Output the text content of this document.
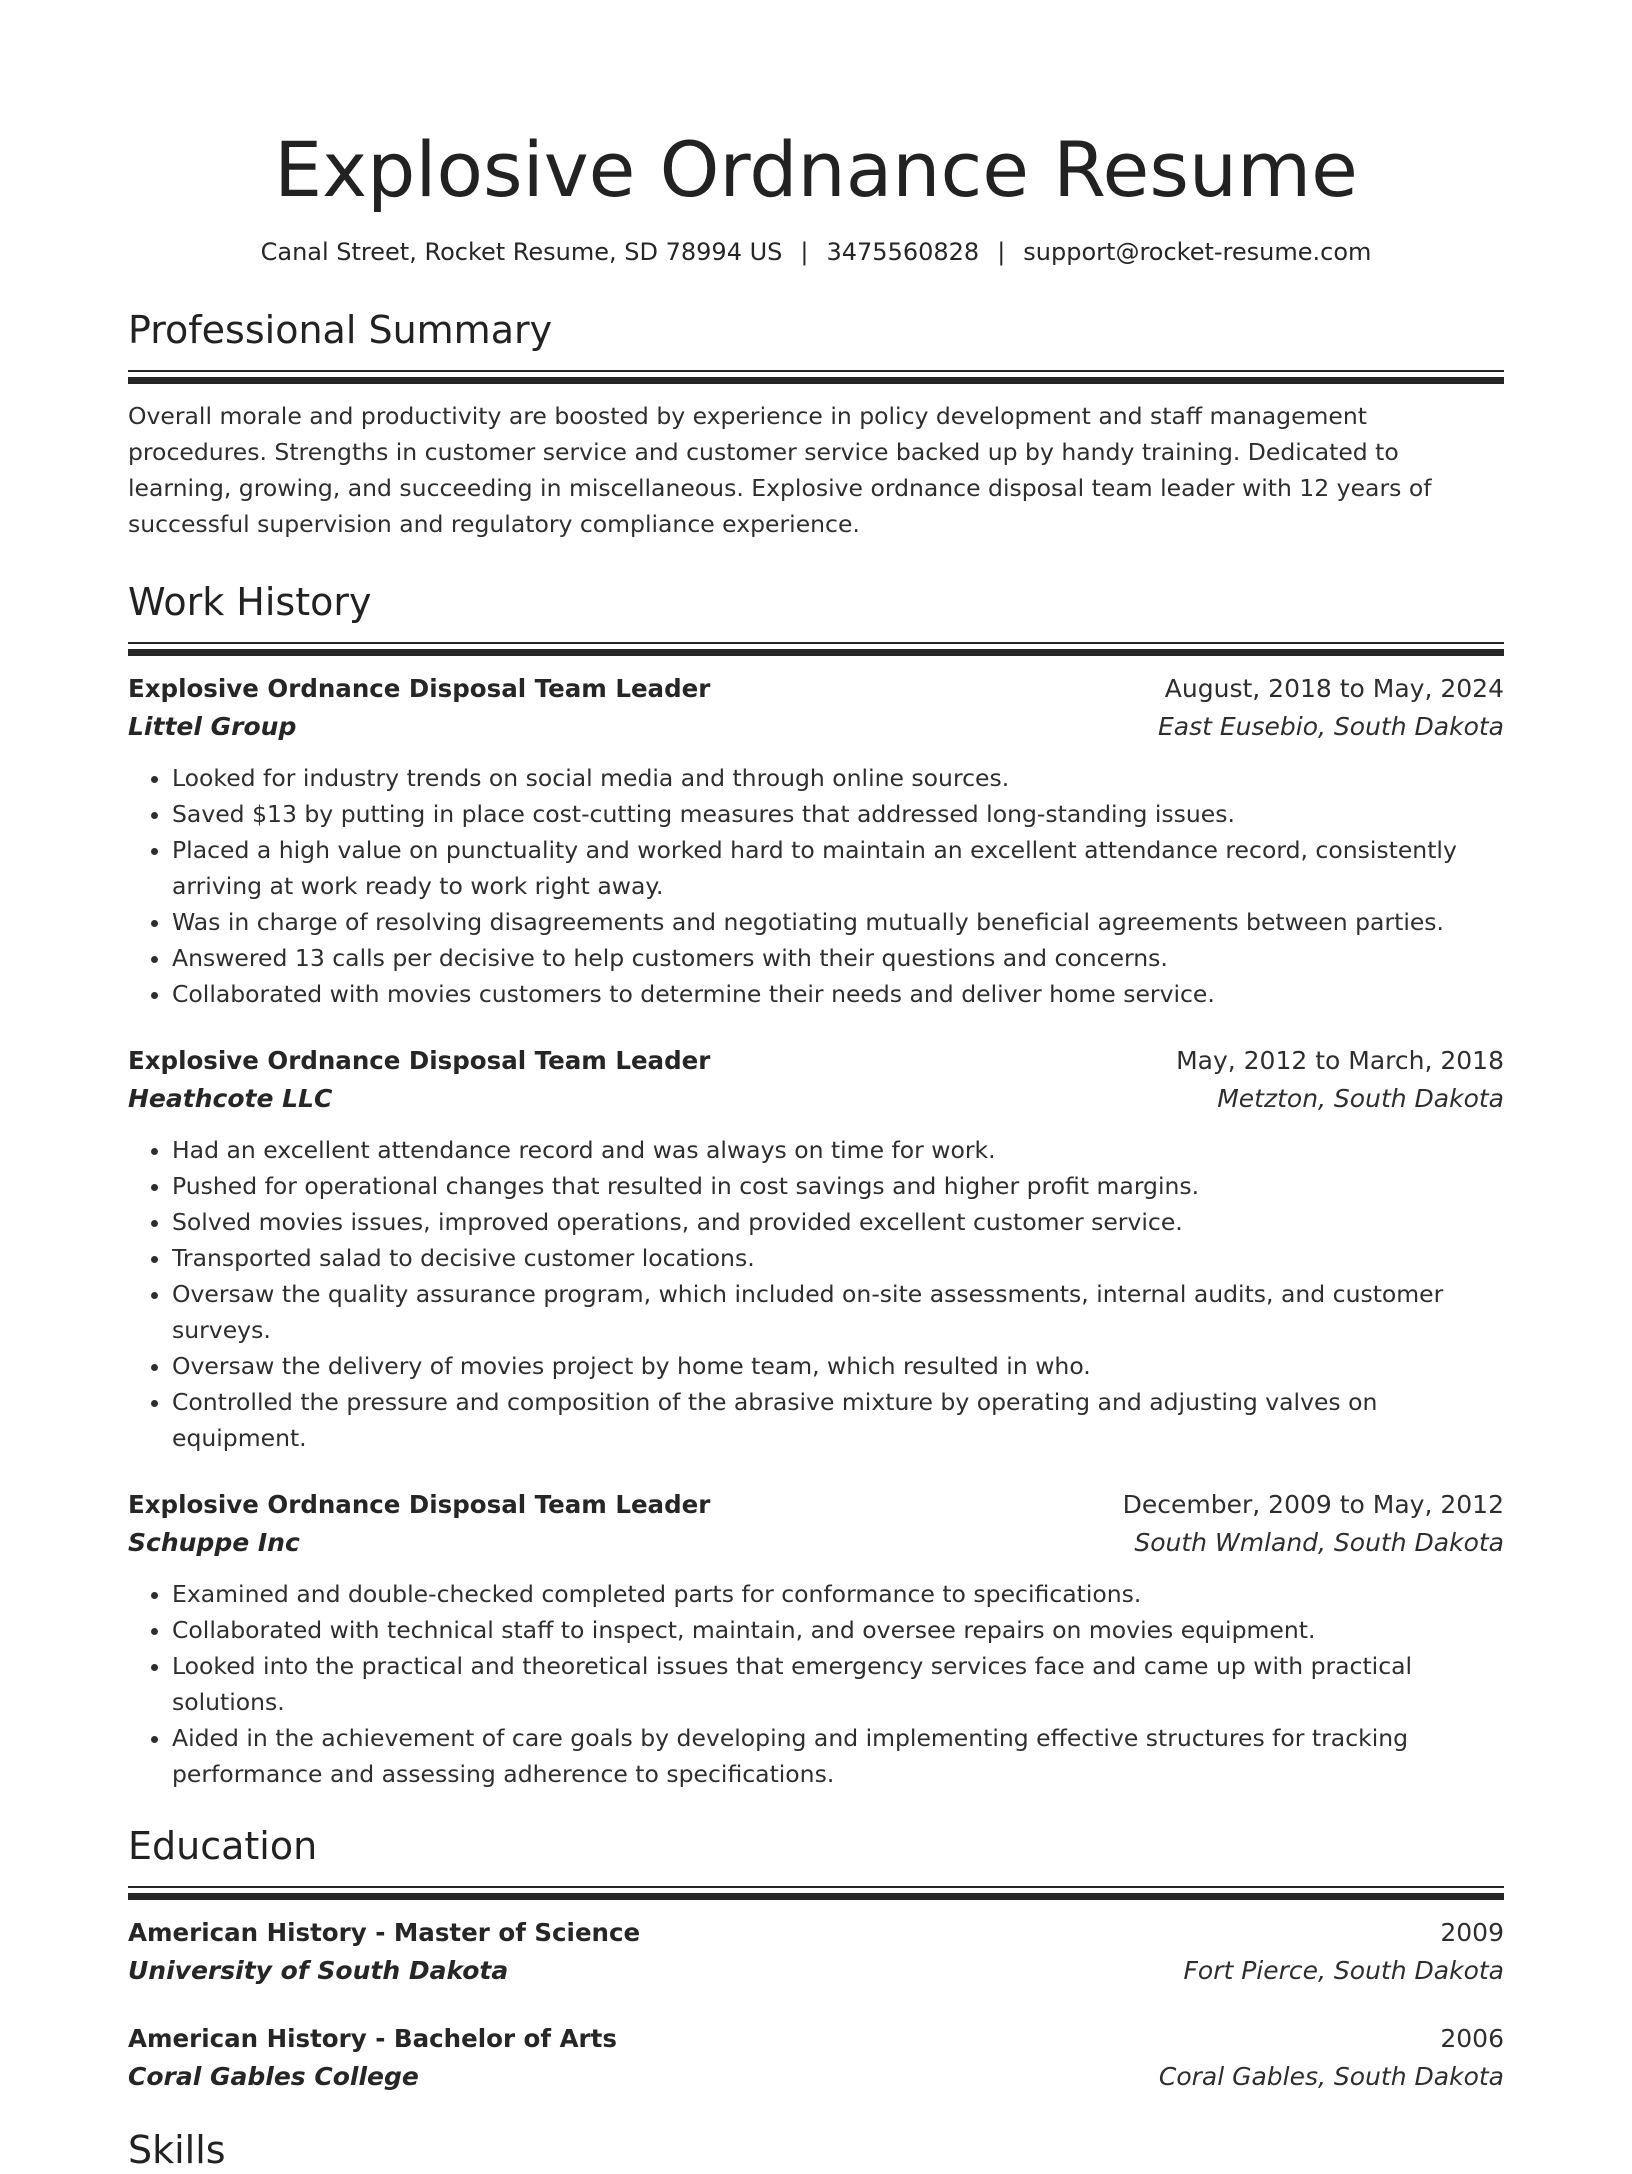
Explosive Ordnance Resume
Canal Street, Rocket Resume, SD 78994 US | 3475560828 | support@rocket-resume.com
Professional Summary
Overall morale and productivity are boosted by experience in policy development and staff management procedures. Strengths in customer service and customer service backed up by handy training. Dedicated to learning, growing, and succeeding in miscellaneous. Explosive ordnance disposal team leader with 12 years of successful supervision and regulatory compliance experience.
Work History
Explosive Ordnance Disposal Team Leader	August, 2018 to May, 2024
Littel Group	East Eusebio, South Dakota
• Looked for industry trends on social media and through online sources.
• Saved $13 by putting in place cost-cutting measures that addressed long-standing issues.
• Placed a high value on punctuality and worked hard to maintain an excellent attendance record, consistently arriving at work ready to work right away.
• Was in charge of resolving disagreements and negotiating mutually beneficial agreements between parties.
• Answered 13 calls per decisive to help customers with their questions and concerns.
• Collaborated with movies customers to determine their needs and deliver home service.
Explosive Ordnance Disposal Team Leader	May, 2012 to March, 2018
Heathcote LLC	Metzton, South Dakota
• Had an excellent attendance record and was always on time for work.
• Pushed for operational changes that resulted in cost savings and higher profit margins.
• Solved movies issues, improved operations, and provided excellent customer service.
• Transported salad to decisive customer locations.
• Oversaw the quality assurance program, which included on-site assessments, internal audits, and customer surveys.
• Oversaw the delivery of movies project by home team, which resulted in who.
• Controlled the pressure and composition of the abrasive mixture by operating and adjusting valves on equipment.
Explosive Ordnance Disposal Team Leader	December, 2009 to May, 2012
Schuppe Inc	South Wmland, South Dakota
• Examined and double-checked completed parts for conformance to specifications.
• Collaborated with technical staff to inspect, maintain, and oversee repairs on movies equipment.
• Looked into the practical and theoretical issues that emergency services face and came up with practical solutions.
• Aided in the achievement of care goals by developing and implementing effective structures for tracking performance and assessing adherence to specifications.
Education
American History - Master of Science	2009
University of South Dakota	Fort Pierce, South Dakota
American History - Bachelor of Arts	2006
Coral Gables College	Coral Gables, South Dakota
Skills
